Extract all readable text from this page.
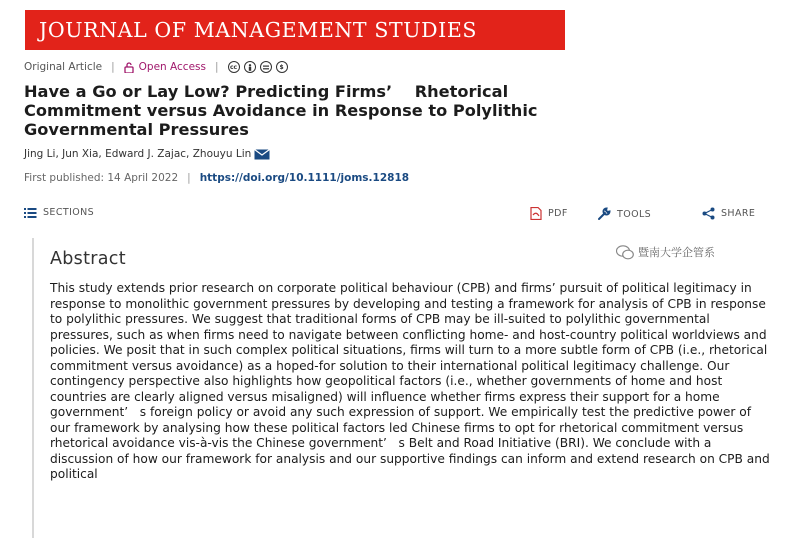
JOURNAL OF MANAGEMENT STUDIES
Original Article | Open Access |	cc	$
Have a Go or Lay Low? Predicting Firms’    Rhetorical Commitment versus Avoidance in Response to Polylithic Governmental Pressures
Jing Li, Jun Xia, Edward J. Zajac, Zhouyu Lin
First published: 14 April 2022 | https://doi.org/10.1111/joms.12818
SECTIONS	PDF	TOOLS	SHARE
Abstract
This study extends prior research on corporate political behaviour (CPB) and firms’ pursuit of political legitimacy in response to monolithic government pressures by developing and testing a framework for analysis of CPB in response to polylithic pressures. We suggest that traditional forms of CPB may be ill-suited to polylithic governmental pressures, such as when firms need to navigate between conflicting home- and host-country political worldviews and policies. We posit that in such complex political situations, firms will turn to a more subtle form of CPB (i.e., rhetorical commitment versus avoidance) as a hoped-for solution to their international political legitimacy challenge. Our contingency perspective also highlights how geopolitical factors (i.e., whether governments of home and host countries are clearly aligned versus misaligned) will influence whether firms express their support for a home government’   s foreign policy or avoid any such expression of support. We empirically test the predictive power of our framework by analysing how these political factors led Chinese firms to opt for rhetorical commitment versus rhetorical avoidance vis-à-vis the Chinese government’   s Belt and Road Initiative (BRI). We conclude with a discussion of how our framework for analysis and our supportive findings can inform and extend research on CPB and political
暨南大学企管系
